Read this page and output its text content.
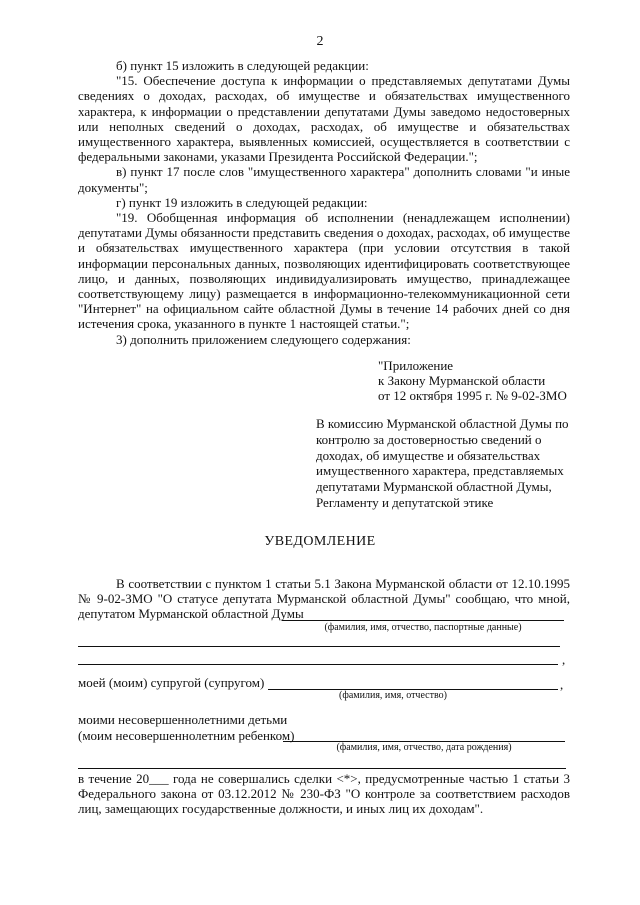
2

б) пункт 15 изложить в следующей редакции:

"15. Обеспечение доступа к информации о представляемых депутатами Думы сведениях о доходах, расходах, об имуществе и обязательствах имущественного характера, к информации о представлении депутатами Думы заведомо недостоверных или неполных сведений о доходах, расходах, об имуществе и обязательствах имущественного характера, выявленных комиссией, осуществляется в соответствии с федеральными законами, указами Президента Российской Федерации.";

в) пункт 17 после слов "имущественного характера" дополнить словами "и иные документы";

г) пункт 19 изложить в следующей редакции:

"19. Обобщенная информация об исполнении (ненадлежащем исполнении) депутатами Думы обязанности представить сведения о доходах, расходах, об имуществе и обязательствах имущественного характера (при условии отсутствия в такой информации персональных данных, позволяющих идентифицировать соответствующее лицо, и данных, позволяющих индивидуализировать имущество, принадлежащее соответствующему лицу) размещается в информационно-телекоммуникационной сети "Интернет" на официальном сайте областной Думы в течение 14 рабочих дней со дня истечения срока, указанного в пункте 1 настоящей статьи.";

3) дополнить приложением следующего содержания:

"Приложение
к Закону Мурманской области
от 12 октября 1995 г. № 9-02-ЗМО
В комиссию Мурманской областной Думы по контролю за достоверностью сведений о доходах, об имуществе и обязательствах имущественного характера, представляемых депутатами Мурманской областной Думы, Регламенту и депутатской этике
УВЕДОМЛЕНИЕ

В соответствии с пунктом 1 статьи 5.1 Закона Мурманской области от 12.10.1995 № 9-02-ЗМО "О статусе депутата Мурманской областной Думы" сообщаю, что мной, депутатом Мурманской областной Думы

(фамилия, имя, отчество, паспортные данные)
,
моей (моим) супругой (супругом)	,
(фамилия, имя, отчество)
моими несовершеннолетними детьми
(моим несовершеннолетним ребенком)
(фамилия, имя, отчество, дата рождения)

в течение 20___ года не совершались сделки <*>, предусмотренные частью 1 статьи 3 Федерального закона от 03.12.2012 № 230-ФЗ "О контроле за соответствием расходов лиц, замещающих государственные должности, и иных лиц их доходам".
